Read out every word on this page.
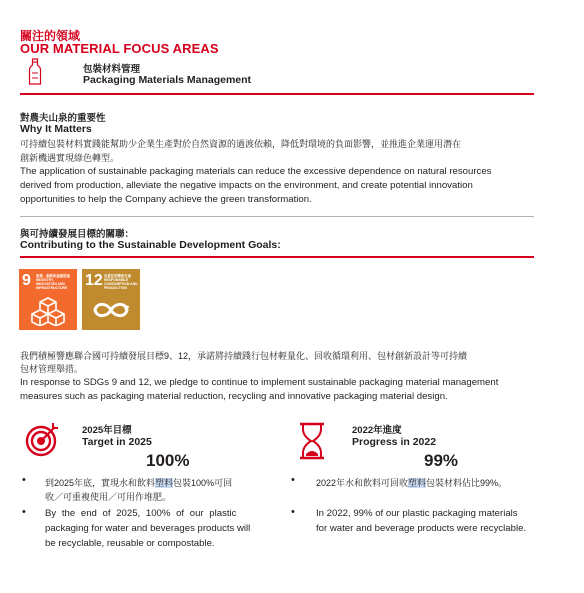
關注的領域
OUR MATERIAL FOCUS AREAS
包裝材料管理
Packaging Materials Management
對農夫山泉的重要性
Why It Matters
可持續包裝材料實踐能幫助少企業生產對於自然資源的過渡依賴，降低對環境的負面影響，並推進企業運用潛在
創新機遇實現綠色轉型。
The application of sustainable packaging materials can reduce the excessive dependence on natural resources
derived from production, alleviate the negative impacts on the environment, and create potential innovation
opportunities to help the Company achieve the green transformation.
與可持續發展目標的關聯：
Contributing to the Sustainable Development Goals:
9 產業、創新和基礎設施 INDUSTRY, INNOVATION AND INFRASTRUCTURE	12 負責任消費和生產 RESPONSIBLE CONSUMPTION AND PRODUCTION
我們積極響應聯合國可持續發展目標9、12，承諾將持續踐行包材輕量化、回收循環利用、包材創新設計等可持續
包材管理舉措。
In response to SDGs 9 and 12, we pledge to continue to implement sustainable packaging material management
measures such as packaging material reduction, recycling and innovative packaging material design.
2025年目標
Target in 2025
100%
• 到2025年底，實現水和飲料塑料包裝100%可回
收／可重複使用／可用作堆肥。
• By the end of 2025, 100% of our plastic
packaging for water and beverages products will
be recyclable, reusable or compostable.
2022年進度
Progress in 2022
99%
• 2022年水和飲料可回收塑料包裝材料佔比99%。
• In 2022, 99% of our plastic packaging materials
for water and beverage products were recyclable.
